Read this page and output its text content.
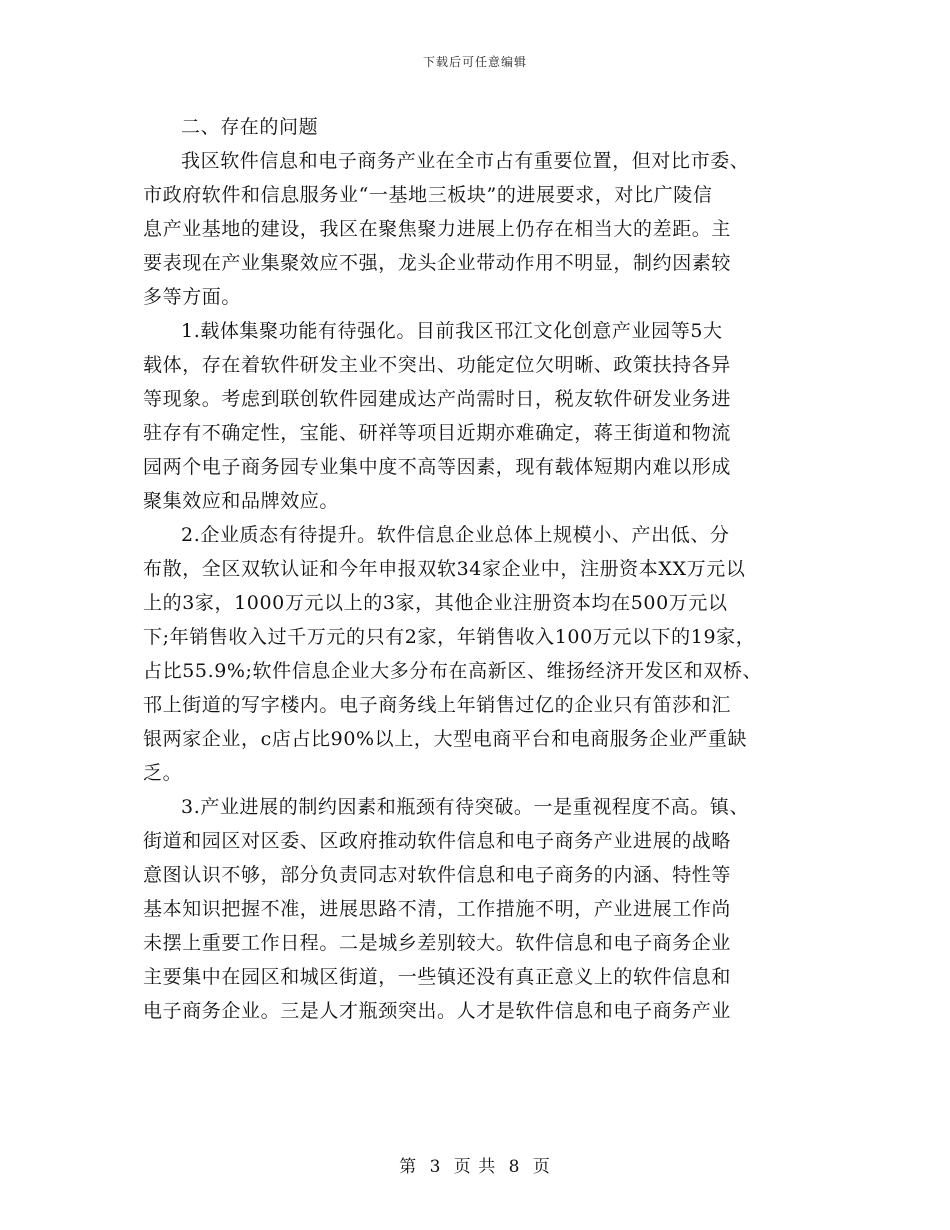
下载后可任意编辑
二、存在的问题
我区软件信息和电子商务产业在全市占有重要位置，但对比市委、
市政府软件和信息服务业“一基地三板块”的进展要求，对比广陵信
息产业基地的建设，我区在聚焦聚力进展上仍存在相当大的差距。主
要表现在产业集聚效应不强，龙头企业带动作用不明显，制约因素较
多等方面。
1.载体集聚功能有待强化。目前我区邗江文化创意产业园等5大
载体，存在着软件研发主业不突出、功能定位欠明晰、政策扶持各异
等现象。考虑到联创软件园建成达产尚需时日，税友软件研发业务进
驻存有不确定性，宝能、研祥等项目近期亦难确定，蒋王街道和物流
园两个电子商务园专业集中度不高等因素，现有载体短期内难以形成
聚集效应和品牌效应。
2.企业质态有待提升。软件信息企业总体上规模小、产出低、分
布散，全区双软认证和今年申报双软34家企业中，注册资本XX万元以
上的3家，1000万元以上的3家，其他企业注册资本均在500万元以
下;年销售收入过千万元的只有2家，年销售收入100万元以下的19家，
占比55.9%;软件信息企业大多分布在高新区、维扬经济开发区和双桥、
邗上街道的写字楼内。电子商务线上年销售过亿的企业只有笛莎和汇
银两家企业，c店占比90%以上，大型电商平台和电商服务企业严重缺
乏。
3.产业进展的制约因素和瓶颈有待突破。一是重视程度不高。镇、
街道和园区对区委、区政府推动软件信息和电子商务产业进展的战略
意图认识不够，部分负责同志对软件信息和电子商务的内涵、特性等
基本知识把握不准，进展思路不清，工作措施不明，产业进展工作尚
未摆上重要工作日程。二是城乡差别较大。软件信息和电子商务企业
主要集中在园区和城区街道，一些镇还没有真正意义上的软件信息和
电子商务企业。三是人才瓶颈突出。人才是软件信息和电子商务产业
第 3 页 共 8 页
